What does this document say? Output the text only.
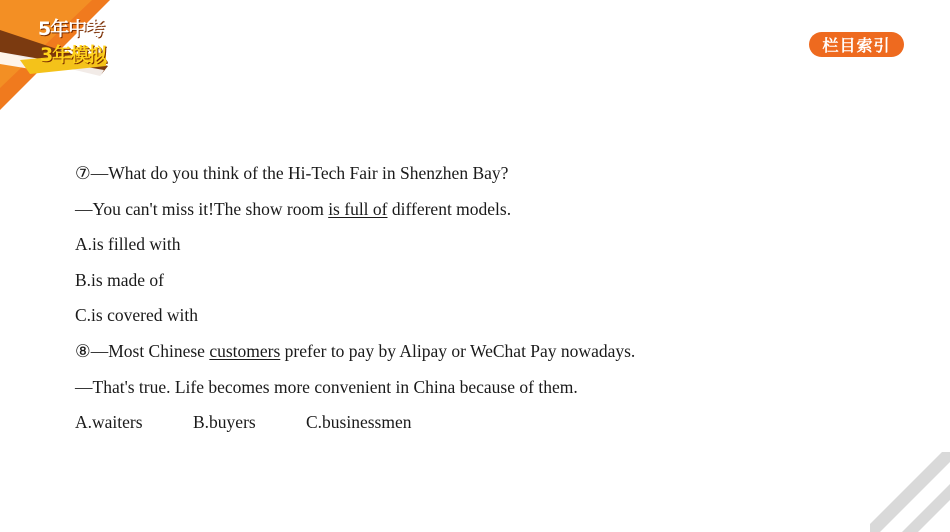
5年中考
3年模拟	栏目索引
⑦—What do you think of the Hi-Tech Fair in Shenzhen Bay?
—You can't miss it!The show room is full of different models.
A.is filled with
B.is made of
C.is covered with
⑧—Most Chinese customers prefer to pay by Alipay or WeChat Pay nowadays.
—That's true. Life becomes more convenient in China because of them.
A.waiters	B.buyers	C.businessmen
